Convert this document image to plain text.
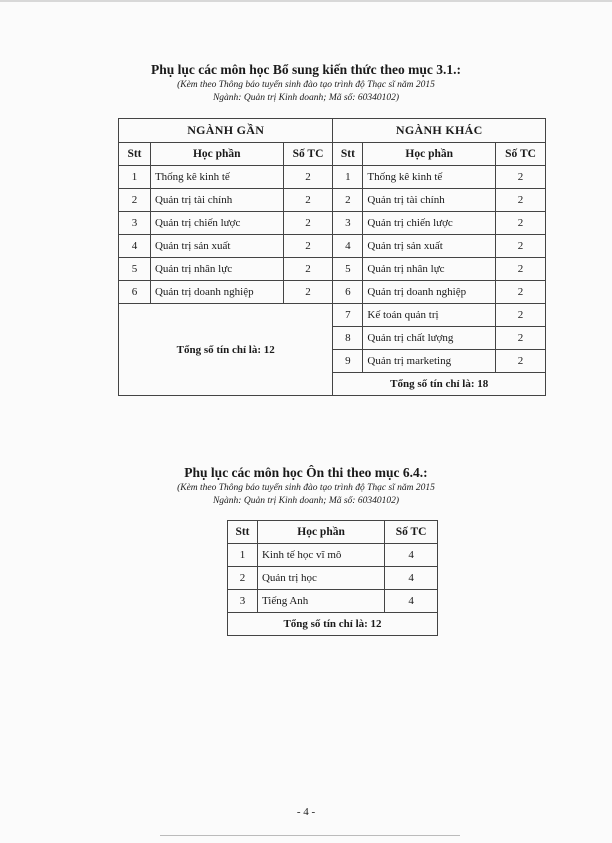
Phụ lục các môn học Bổ sung kiến thức theo mục 3.1.:
(Kèm theo Thông báo tuyển sinh đào tạo trình độ Thạc sĩ năm 2015
Ngành: Quản trị Kinh doanh; Mã số: 60340102)
NGÀNH GẦN			NGÀNH KHÁC		
Stt	Học phần	Số TC	Stt	Học phần	Số TC
1	Thống kê kinh tế	2	1	Thống kê kinh tế	2
2	Quản trị tài chính	2	2	Quản trị tài chính	2
3	Quản trị chiến lược	2	3	Quản trị chiến lược	2
4	Quản trị sản xuất	2	4	Quản trị sản xuất	2
5	Quản trị nhân lực	2	5	Quản trị nhân lực	2
6	Quản trị doanh nghiệp	2	6	Quản trị doanh nghiệp	2
Tổng số tín chỉ là: 12			7	Kế toán quản trị	2
			8	Quản trị chất lượng	2
			9	Quản trị marketing	2
			Tổng số tín chỉ là: 18		
Phụ lục các môn học Ôn thi theo mục 6.4.:
(Kèm theo Thông báo tuyển sinh đào tạo trình độ Thạc sĩ năm 2015
Ngành: Quản trị Kinh doanh; Mã số: 60340102)
Stt	Học phần	Số TC
1	Kinh tế học vĩ mô	4
2	Quản trị học	4
3	Tiếng Anh	4
Tổng số tín chỉ là: 12		
- 4 -
